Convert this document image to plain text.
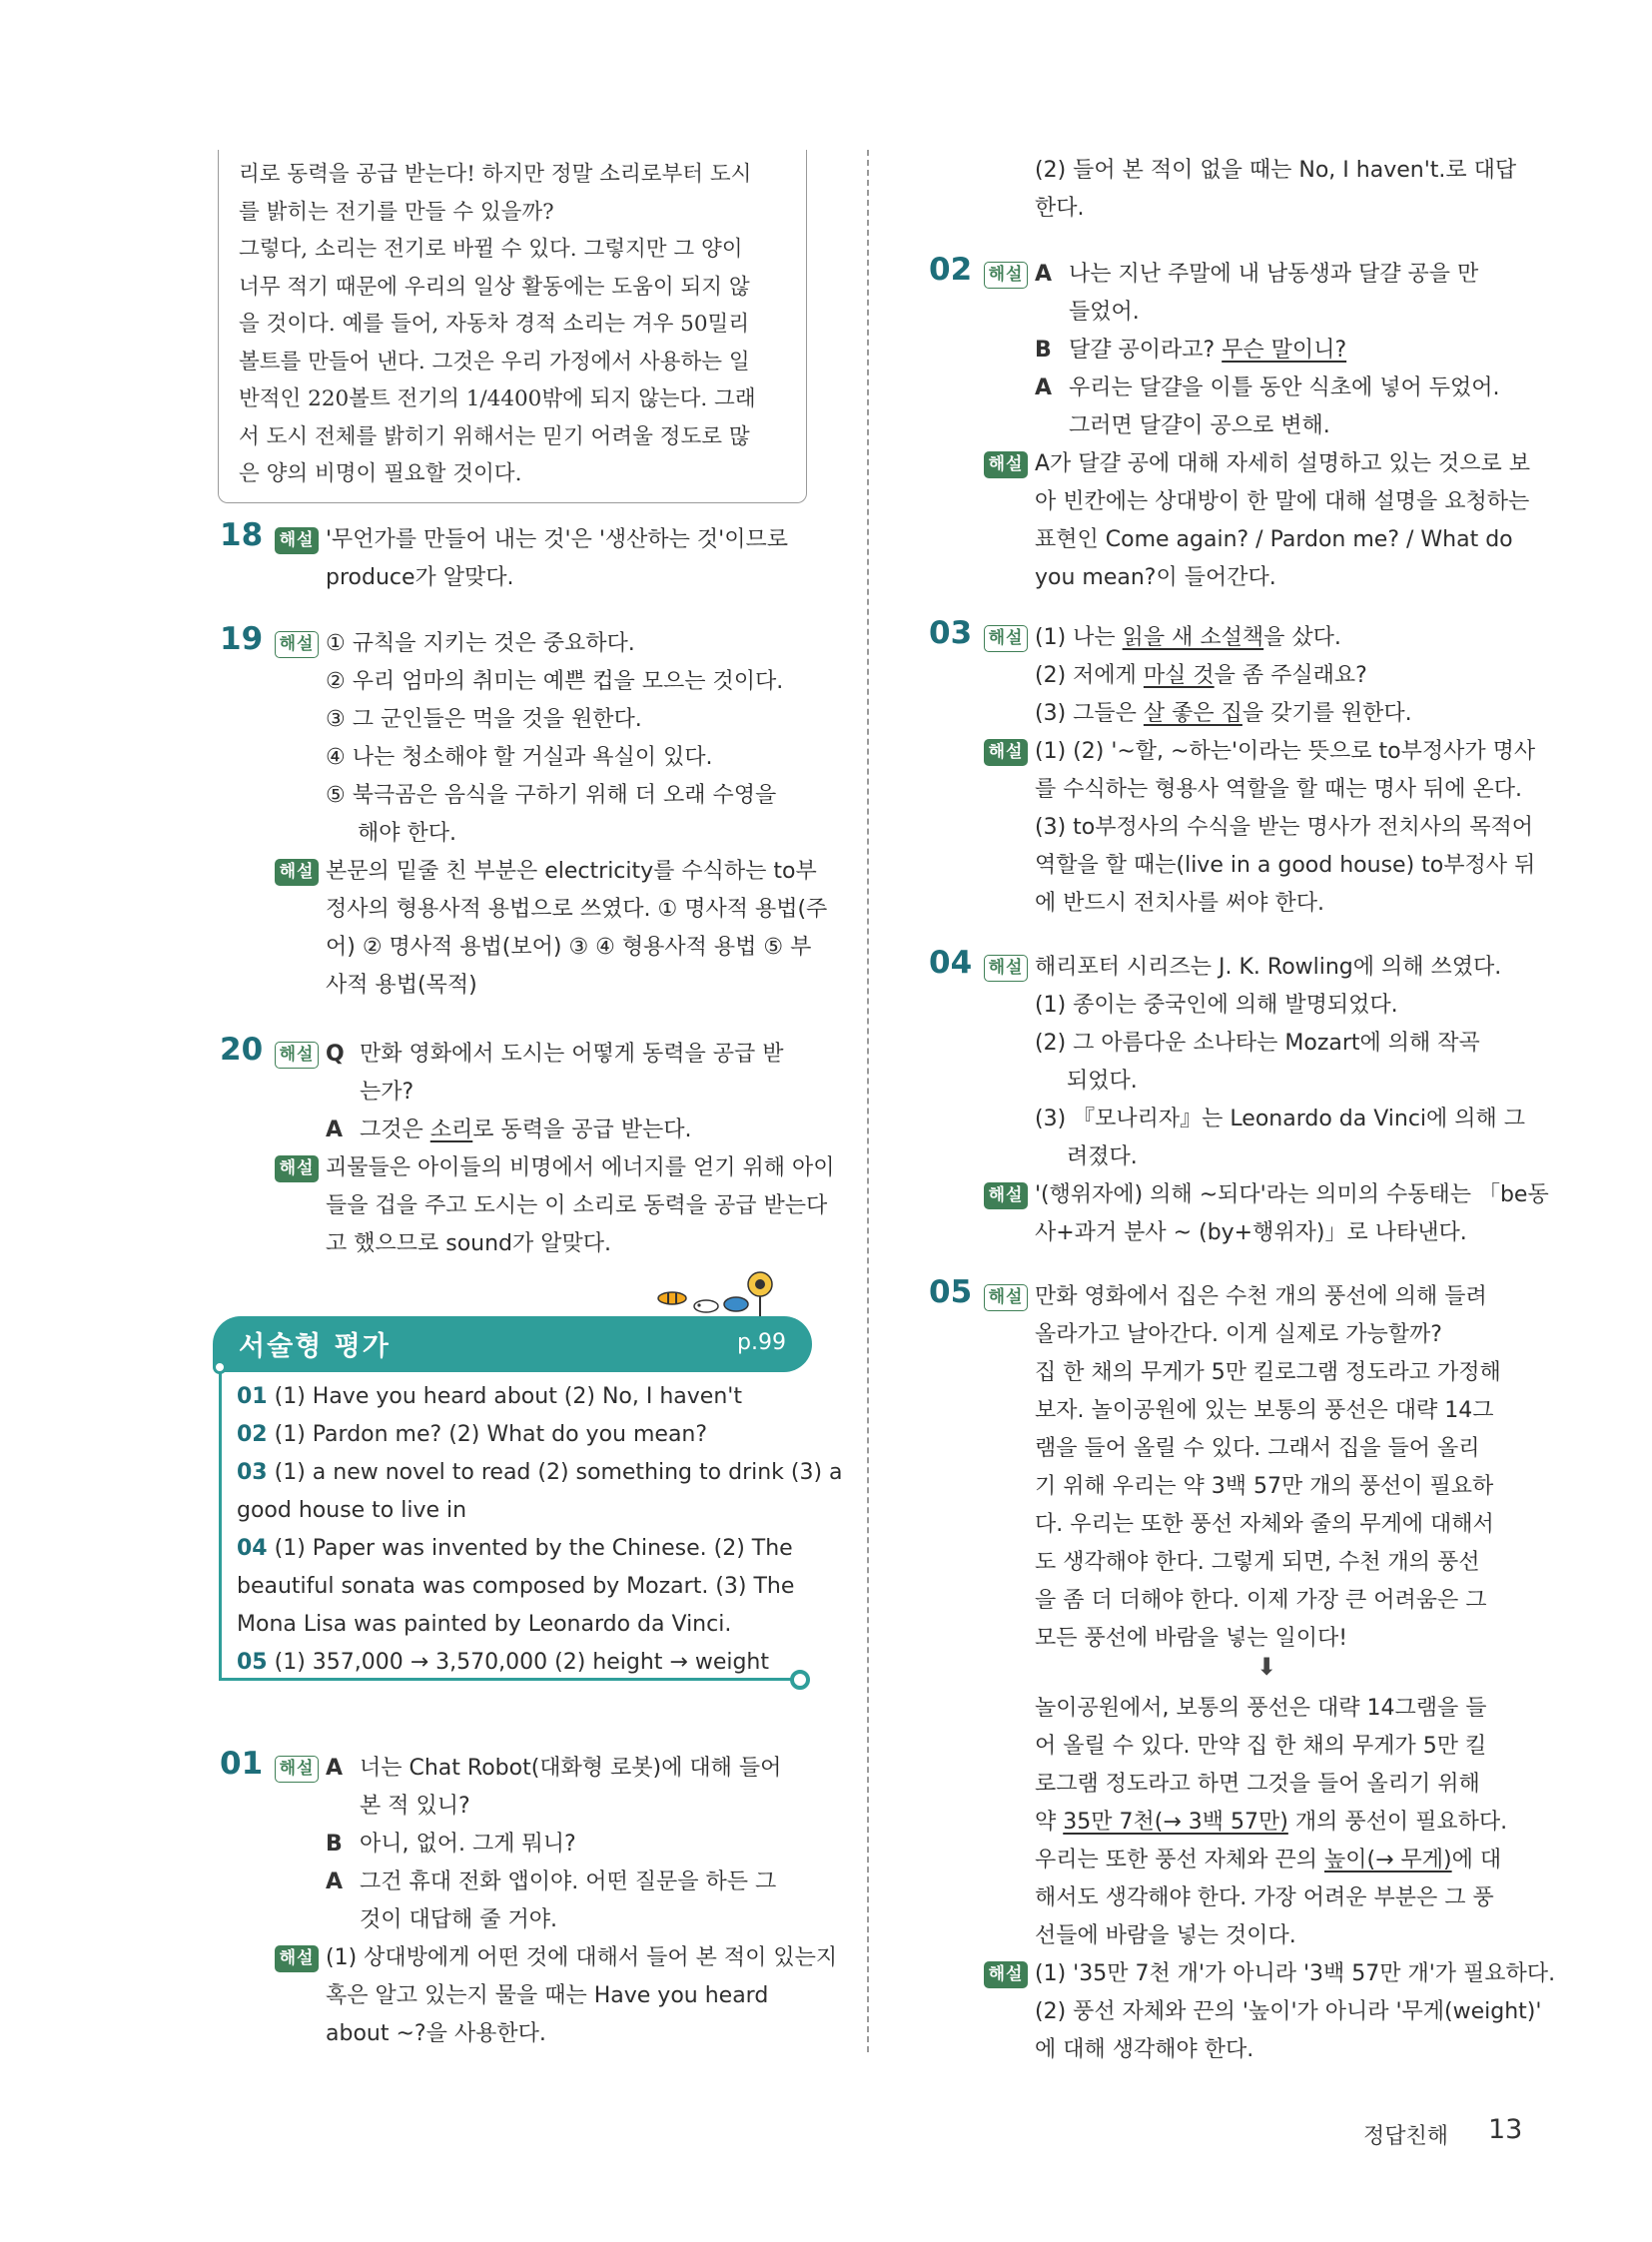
리로 동력을 공급 받는다! 하지만 정말 소리로부터 도시

를 밝히는 전기를 만들 수 있을까?

그렇다, 소리는 전기로 바뀔 수 있다. 그렇지만 그 양이

너무 적기 때문에 우리의 일상 활동에는 도움이 되지 않

을 것이다. 예를 들어, 자동차 경적 소리는 겨우 50밀리

볼트를 만들어 낸다. 그것은 우리 가정에서 사용하는 일

반적인 220볼트 전기의 1/4400밖에 되지 않는다. 그래

서 도시 전체를 밝히기 위해서는 믿기 어려울 정도로 많

은 양의 비명이 필요할 것이다.

18 해설 '무언가를 만들어 내는 것'은 '생산하는 것'이므로
produce가 알맞다.
19 해설 ① 규칙을 지키는 것은 중요하다.
② 우리 엄마의 취미는 예쁜 컵을 모으는 것이다.
③ 그 군인들은 먹을 것을 원한다.
④ 나는 청소해야 할 거실과 욕실이 있다.
⑤ 북극곰은 음식을 구하기 위해 더 오래 수영을
해야 한다.
해설 본문의 밑줄 친 부분은 electricity를 수식하는 to부
정사의 형용사적 용법으로 쓰였다. ① 명사적 용법(주
어) ② 명사적 용법(보어) ③ ④ 형용사적 용법 ⑤ 부
사적 용법(목적)
20 해설 Q 만화 영화에서 도시는 어떻게 동력을 공급 받
는가?
A 그것은 소리로 동력을 공급 받는다.
해설 괴물들은 아이들의 비명에서 에너지를 얻기 위해 아이
들을 겁을 주고 도시는 이 소리로 동력을 공급 받는다
고 했으므로 sound가 알맞다.
서술형 평가	p.99
01 (1) Have you heard about (2) No, I haven't
02 (1) Pardon me? (2) What do you mean?
03 (1) a new novel to read (2) something to drink (3) a
good house to live in
04 (1) Paper was invented by the Chinese. (2) The
beautiful sonata was composed by Mozart. (3) The
Mona Lisa was painted by Leonardo da Vinci.
05 (1) 357,000 → 3,570,000 (2) height → weight
01 해설 A 너는 Chat Robot(대화형 로봇)에 대해 들어
본 적 있니?
B 아니, 없어. 그게 뭐니?
A 그건 휴대 전화 앱이야. 어떤 질문을 하든 그
것이 대답해 줄 거야.
해설 (1) 상대방에게 어떤 것에 대해서 들어 본 적이 있는지
혹은 알고 있는지 물을 때는 Have you heard
about ~?을 사용한다.
(2) 들어 본 적이 없을 때는 No, I haven't.로 대답
한다.
02 해설 A 나는 지난 주말에 내 남동생과 달걀 공을 만
들었어.
B 달걀 공이라고? 무슨 말이니?
A 우리는 달걀을 이틀 동안 식초에 넣어 두었어.
그러면 달걀이 공으로 변해.
해설 A가 달걀 공에 대해 자세히 설명하고 있는 것으로 보
아 빈칸에는 상대방이 한 말에 대해 설명을 요청하는
표현인 Come again? / Pardon me? / What do
you mean?이 들어간다.
03 해설 (1) 나는 읽을 새 소설책을 샀다.
(2) 저에게 마실 것을 좀 주실래요?
(3) 그들은 살 좋은 집을 갖기를 원한다.
해설 (1) (2) '~할, ~하는'이라는 뜻으로 to부정사가 명사
를 수식하는 형용사 역할을 할 때는 명사 뒤에 온다.
(3) to부정사의 수식을 받는 명사가 전치사의 목적어
역할을 할 때는(live in a good house) to부정사 뒤
에 반드시 전치사를 써야 한다.
04 해설 해리포터 시리즈는 J. K. Rowling에 의해 쓰였다.
(1) 종이는 중국인에 의해 발명되었다.
(2) 그 아름다운 소나타는 Mozart에 의해 작곡
되었다.
(3) 『모나리자』는 Leonardo da Vinci에 의해 그
려졌다.
해설 '(행위자에) 의해 ~되다'라는 의미의 수동태는 「be동
사+과거 분사 ~ (by+행위자)」로 나타낸다.
05 해설 만화 영화에서 집은 수천 개의 풍선에 의해 들려
올라가고 날아간다. 이게 실제로 가능할까?
집 한 채의 무게가 5만 킬로그램 정도라고 가정해
보자. 놀이공원에 있는 보통의 풍선은 대략 14그
램을 들어 올릴 수 있다. 그래서 집을 들어 올리
기 위해 우리는 약 3백 57만 개의 풍선이 필요하
다. 우리는 또한 풍선 자체와 줄의 무게에 대해서
도 생각해야 한다. 그렇게 되면, 수천 개의 풍선
을 좀 더 더해야 한다. 이제 가장 큰 어려움은 그
모든 풍선에 바람을 넣는 일이다!
놀이공원에서, 보통의 풍선은 대략 14그램을 들
어 올릴 수 있다. 만약 집 한 채의 무게가 5만 킬
로그램 정도라고 하면 그것을 들어 올리기 위해
약 35만 7천(→ 3백 57만) 개의 풍선이 필요하다.
우리는 또한 풍선 자체와 끈의 높이(→ 무게)에 대
해서도 생각해야 한다. 가장 어려운 부분은 그 풍
선들에 바람을 넣는 것이다.
해설 (1) '35만 7천 개'가 아니라 '3백 57만 개'가 필요하다.
(2) 풍선 자체와 끈의 '높이'가 아니라 '무게(weight)'
에 대해 생각해야 한다.
⬇
정답친해 13
